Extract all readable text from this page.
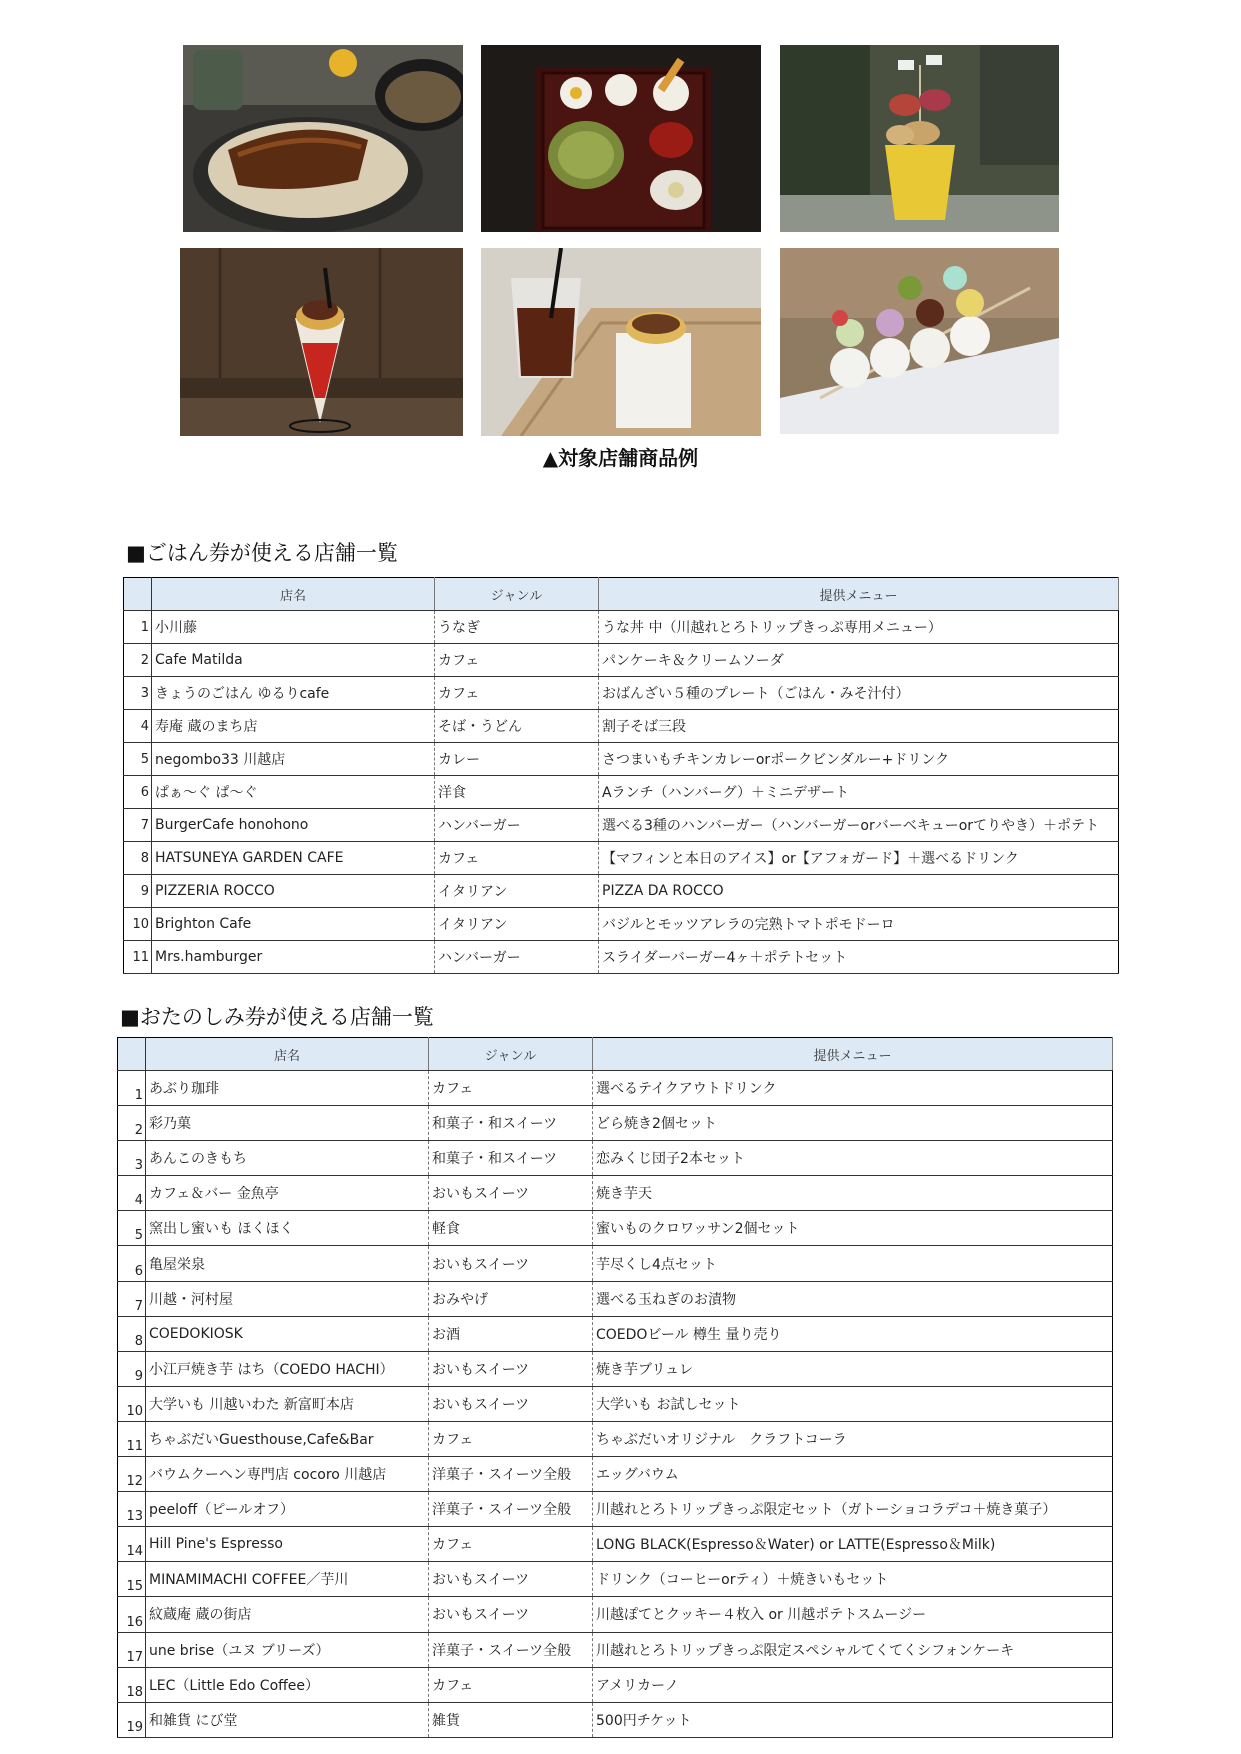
▲対象店舗商品例
■ごはん券が使える店舗一覧
	店名	ジャンル	提供メニュー
1	小川藤	うなぎ	うな丼 中（川越れとろトリップきっぷ専用メニュー）
2	Cafe Matilda	カフェ	パンケーキ＆クリームソーダ
3	きょうのごはん ゆるりcafe	カフェ	おばんざい５種のプレート（ごはん・みそ汁付）
4	寿庵 蔵のまち店	そば・うどん	割子そば三段
5	negombo33 川越店	カレー	さつまいもチキンカレーorポークビンダルー+ドリンク
6	ぱぁ〜ぐ ぱ〜ぐ	洋食	Aランチ（ハンバーグ）＋ミニデザート
7	BurgerCafe honohono	ハンバーガー	選べる3種のハンバーガー（ハンバーガーorバーベキューorてりやき）＋ポテト
8	HATSUNEYA GARDEN CAFE	カフェ	【マフィンと本日のアイス】or【アフォガード】＋選べるドリンク
9	PIZZERIA ROCCO	イタリアン	PIZZA DA ROCCO
10	Brighton Cafe	イタリアン	バジルとモッツアレラの完熟トマトポモドーロ
11	Mrs.hamburger	ハンバーガー	スライダーバーガー4ヶ＋ポテトセット
■おたのしみ券が使える店舗一覧
	店名	ジャンル	提供メニュー
1	あぶり珈琲	カフェ	選べるテイクアウトドリンク
2	彩乃菓	和菓子・和スイーツ	どら焼き2個セット
3	あんこのきもち	和菓子・和スイーツ	恋みくじ団子2本セット
4	カフェ＆バー 金魚亭	おいもスイーツ	焼き芋天
5	窯出し蜜いも ほくほく	軽食	蜜いものクロワッサン2個セット
6	亀屋栄泉	おいもスイーツ	芋尽くし4点セット
7	川越・河村屋	おみやげ	選べる玉ねぎのお漬物
8	COEDOKIOSK	お酒	COEDOビール 樽生 量り売り
9	小江戸焼き芋 はち（COEDO HACHI）	おいもスイーツ	焼き芋ブリュレ
10	大学いも 川越いわた 新富町本店	おいもスイーツ	大学いも お試しセット
11	ちゃぶだいGuesthouse,Cafe&Bar	カフェ	ちゃぶだいオリジナル　クラフトコーラ
12	バウムクーヘン専門店 cocoro 川越店	洋菓子・スイーツ全般	エッグバウム
13	peeloff（ピールオフ）	洋菓子・スイーツ全般	川越れとろトリップきっぷ限定セット（ガトーショコラデコ＋焼き菓子）
14	Hill Pine's Espresso	カフェ	LONG BLACK(Espresso＆Water) or LATTE(Espresso＆Milk)
15	MINAMIMACHI COFFEE／芋川	おいもスイーツ	ドリンク（コーヒーorティ）＋焼きいもセット
16	紋蔵庵 蔵の街店	おいもスイーツ	川越ぽてとクッキー４枚入 or 川越ポテトスムージー
17	une brise（ユヌ ブリーズ）	洋菓子・スイーツ全般	川越れとろトリップきっぷ限定スペシャルてくてくシフォンケーキ
18	LEC（Little Edo Coffee）	カフェ	アメリカーノ
19	和雑貨 にび堂	雑貨	500円チケット
